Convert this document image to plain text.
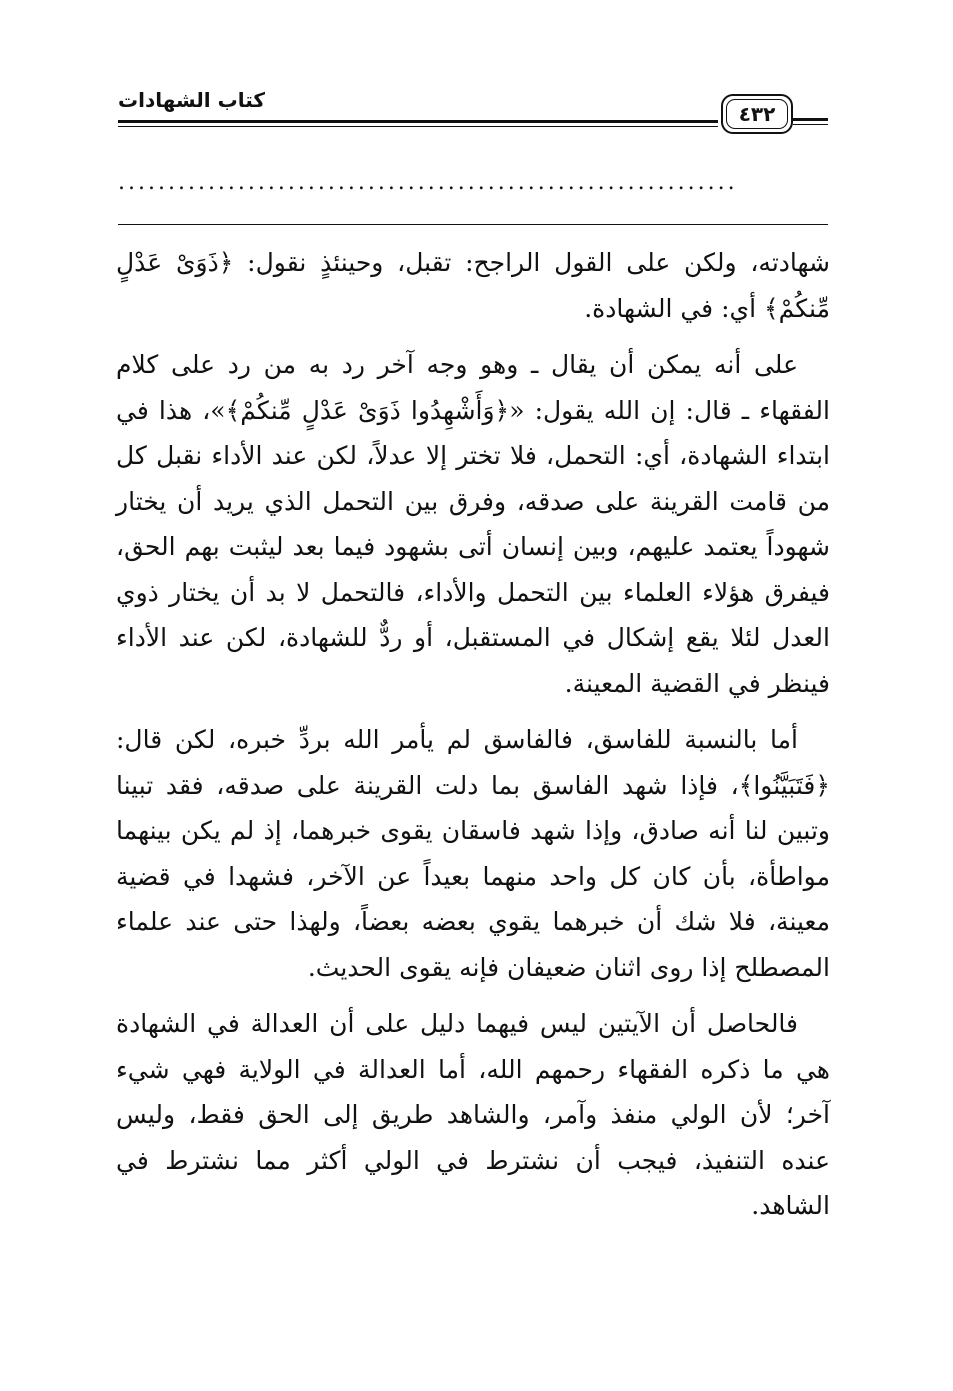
كتاب الشهادات
٤٣٢
..............................................................

شهادته، ولكن على القول الراجح: تقبل، وحينئذٍ نقول: ﴿ذَوَىْ عَدْلٍ مِّنكُمْ﴾ أي: في الشهادة.

على أنه يمكن أن يقال ـ وهو وجه آخر رد به من رد على كلام الفقهاء ـ قال: إن الله يقول: «﴿وَأَشْهِدُوا ذَوَىْ عَدْلٍ مِّنكُمْ﴾»، هذا في ابتداء الشهادة، أي: التحمل، فلا تختر إلا عدلاً، لكن عند الأداء نقبل كل من قامت القرينة على صدقه، وفرق بين التحمل الذي يريد أن يختار شهوداً يعتمد عليهم، وبين إنسان أتى بشهود فيما بعد ليثبت بهم الحق، فيفرق هؤلاء العلماء بين التحمل والأداء، فالتحمل لا بد أن يختار ذوي العدل لئلا يقع إشكال في المستقبل، أو ردٌّ للشهادة، لكن عند الأداء فينظر في القضية المعينة.

أما بالنسبة للفاسق، فالفاسق لم يأمر الله بردِّ خبره، لكن قال: ﴿فَتَبَيَّنُوا﴾، فإذا شهد الفاسق بما دلت القرينة على صدقه، فقد تبينا وتبين لنا أنه صادق، وإذا شهد فاسقان يقوى خبرهما، إذ لم يكن بينهما مواطأة، بأن كان كل واحد منهما بعيداً عن الآخر، فشهدا في قضية معينة، فلا شك أن خبرهما يقوي بعضه بعضاً، ولهذا حتى عند علماء المصطلح إذا روى اثنان ضعيفان فإنه يقوى الحديث.

فالحاصل أن الآيتين ليس فيهما دليل على أن العدالة في الشهادة هي ما ذكره الفقهاء رحمهم الله، أما العدالة في الولاية فهي شيء آخر؛ لأن الولي منفذ وآمر، والشاهد طريق إلى الحق فقط، وليس عنده التنفيذ، فيجب أن نشترط في الولي أكثر مما نشترط في الشاهد.
